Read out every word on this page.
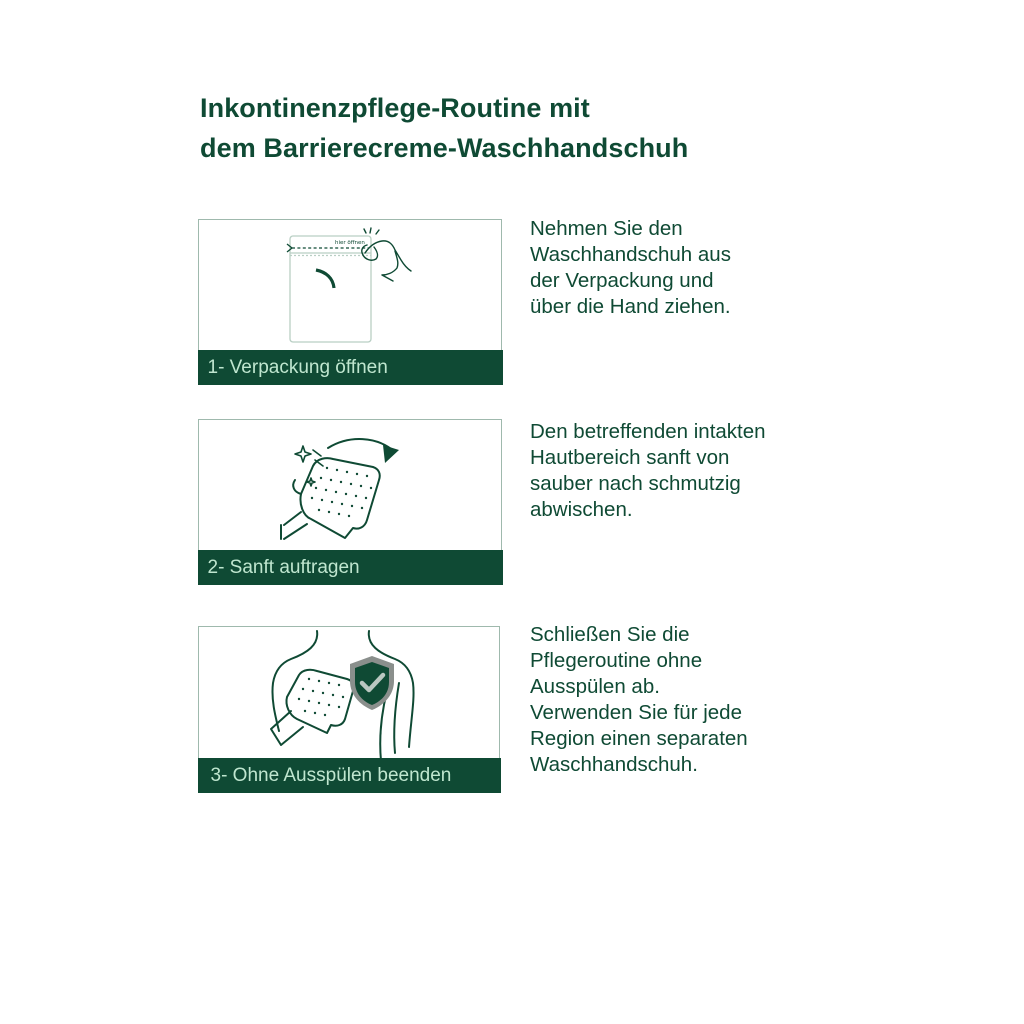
Inkontinenzpflege-Routine mit
dem Barrierecreme-Waschhandschuh
hier öffnen
1- Verpackung öffnen
Nehmen Sie den
Waschhandschuh aus
der Verpackung und
über die Hand ziehen.
2- Sanft auftragen
Den betreffenden intakten
Hautbereich sanft von
sauber nach schmutzig
abwischen.
3- Ohne Ausspülen beenden
Schließen Sie die
Pflegeroutine ohne
Ausspülen ab.
Verwenden Sie für jede
Region einen separaten
Waschhandschuh.
